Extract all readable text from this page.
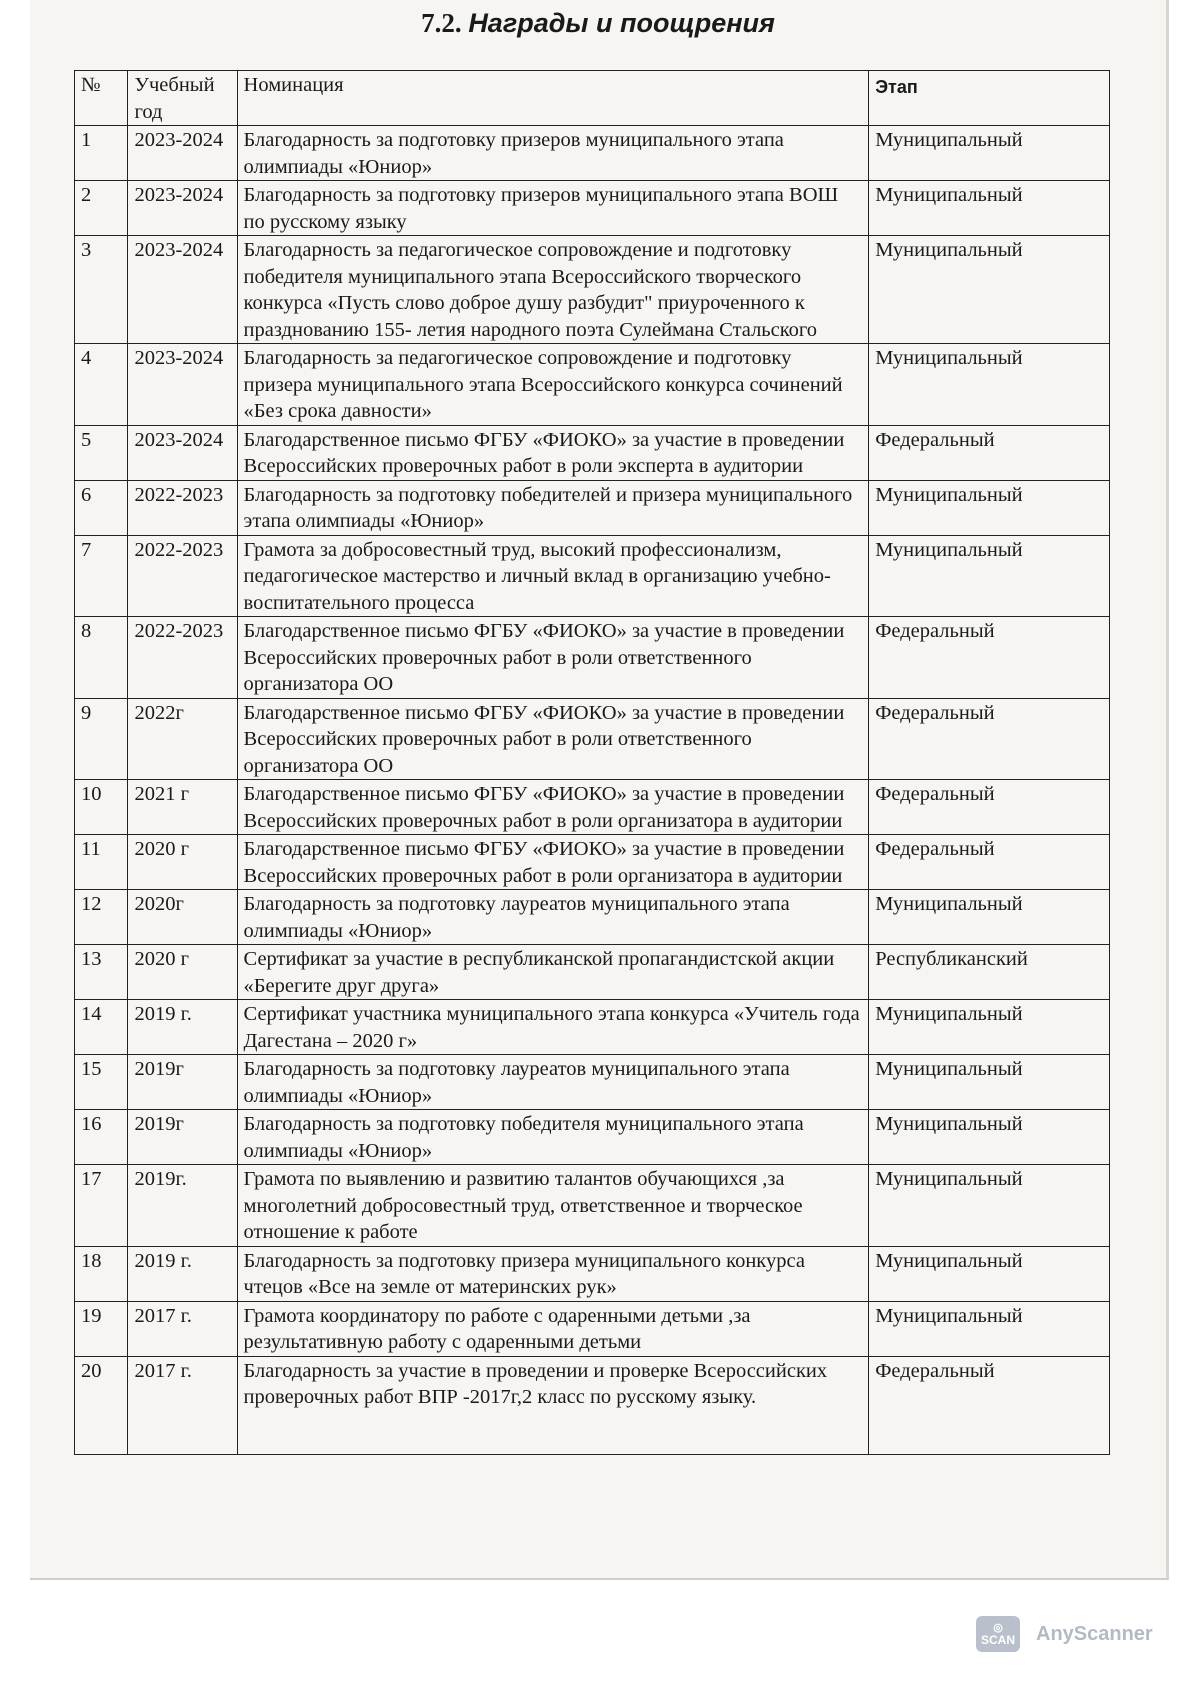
7.2. Награды и поощрения
№	Учебный год	Номинация	Этап
1	2023-2024	Благодарность за подготовку призеров муниципального этапа олимпиады «Юниор»	Муниципальный
2	2023-2024	Благодарность за подготовку призеров муниципального этапа ВОШ по русскому языку	Муниципальный
3	2023-2024	Благодарность за педагогическое сопровождение и подготовку победителя муниципального этапа Всероссийского творческого конкурса «Пусть слово доброе душу разбудит" приуроченного к празднованию 155- летия народного поэта Сулеймана Стальского	Муниципальный
4	2023-2024	Благодарность за педагогическое сопровождение и подготовку призера муниципального этапа Всероссийского конкурса сочинений «Без срока давности»	Муниципальный
5	2023-2024	Благодарственное письмо ФГБУ «ФИОКО» за участие в проведении Всероссийских проверочных работ в роли эксперта в аудитории	Федеральный
6	2022-2023	Благодарность за подготовку победителей и призера муниципального этапа олимпиады «Юниор»	Муниципальный
7	2022-2023	Грамота за добросовестный труд, высокий профессионализм, педагогическое мастерство и личный вклад в организацию учебно- воспитательного процесса	Муниципальный
8	2022-2023	Благодарственное письмо ФГБУ «ФИОКО» за участие в проведении Всероссийских проверочных работ в роли ответственного организатора ОО	Федеральный
9	2022г	Благодарственное письмо ФГБУ «ФИОКО» за участие в проведении Всероссийских проверочных работ в роли ответственного организатора ОО	Федеральный
10	2021 г	Благодарственное письмо ФГБУ «ФИОКО» за участие в проведении Всероссийских проверочных работ в роли организатора в аудитории	Федеральный
11	2020 г	Благодарственное письмо ФГБУ «ФИОКО» за участие в проведении Всероссийских проверочных работ в роли организатора в аудитории	Федеральный
12	2020г	Благодарность за подготовку лауреатов муниципального этапа олимпиады «Юниор»	Муниципальный
13	2020 г	Сертификат за участие в республиканской пропагандистской акции «Берегите друг друга»	Республиканский
14	2019 г.	Сертификат участника муниципального этапа конкурса «Учитель года Дагестана – 2020 г»	Муниципальный
15	2019г	Благодарность за подготовку лауреатов муниципального этапа олимпиады «Юниор»	Муниципальный
16	2019г	Благодарность за подготовку победителя муниципального этапа олимпиады «Юниор»	Муниципальный
17	2019г.	Грамота по выявлению и развитию талантов обучающихся ,за многолетний добросовестный труд, ответственное и творческое отношение к работе	Муниципальный
18	2019 г.	Благодарность за подготовку призера муниципального конкурса чтецов «Все на земле от материнских рук»	Муниципальный
19	2017 г.	Грамота координатору по работе с одаренными детьми ,за результативную работу с одаренными детьми	Муниципальный
20	2017 г.	Благодарность за участие в проведении и проверке Всероссийских проверочных работ ВПР -2017г,2 класс по русскому языку.	Федеральный
◎
SCAN AnyScanner
